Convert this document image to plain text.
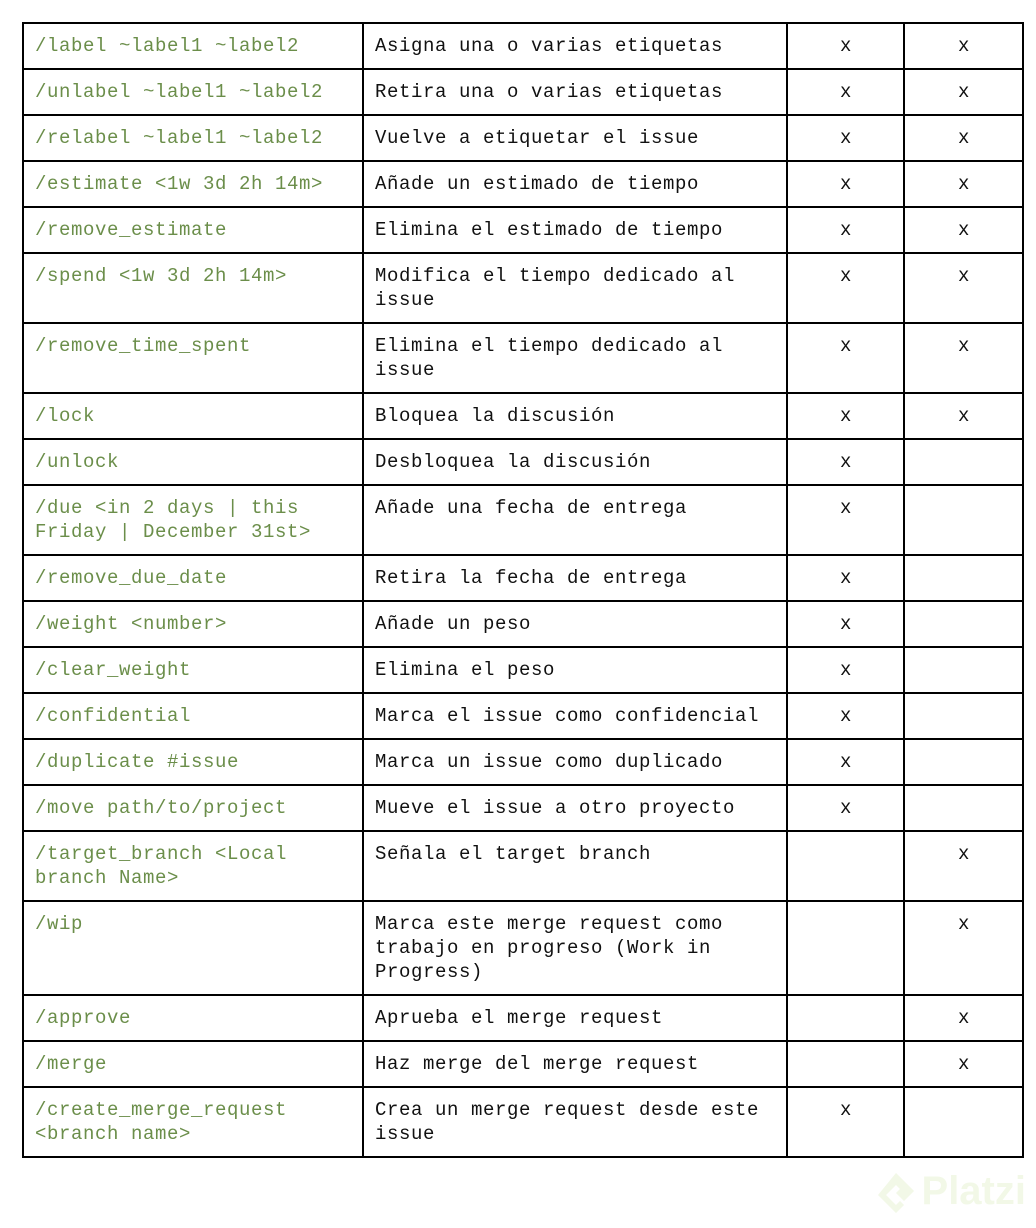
/label ~label1 ~label2	Asigna una o varias etiquetas	x	x
/unlabel ~label1 ~label2	Retira una o varias etiquetas	x	x
/relabel ~label1 ~label2	Vuelve a etiquetar el issue	x	x
/estimate <1w 3d 2h 14m>	Añade un estimado de tiempo	x	x
/remove_estimate	Elimina el estimado de tiempo	x	x
/spend <1w 3d 2h 14m>	Modifica el tiempo dedicado al issue	x	x
/remove_time_spent	Elimina el tiempo dedicado al issue	x	x
/lock	Bloquea la discusión	x	x
/unlock	Desbloquea la discusión	x	
/due <in 2 days | this Friday | December 31st>	Añade una fecha de entrega	x	
/remove_due_date	Retira la fecha de entrega	x	
/weight <number>	Añade un peso	x	
/clear_weight	Elimina el peso	x	
/confidential	Marca el issue como confidencial	x	
/duplicate #issue	Marca un issue como duplicado	x	
/move path/to/project	Mueve el issue a otro proyecto	x	
/target_branch <Local branch Name>	Señala el target branch		x
/wip	Marca este merge request como trabajo en progreso (Work in Progress)		x
/approve	Aprueba el merge request		x
/merge	Haz merge del merge request		x
/create_merge_request <branch name>	Crea un merge request desde este issue	x	
Platzi
